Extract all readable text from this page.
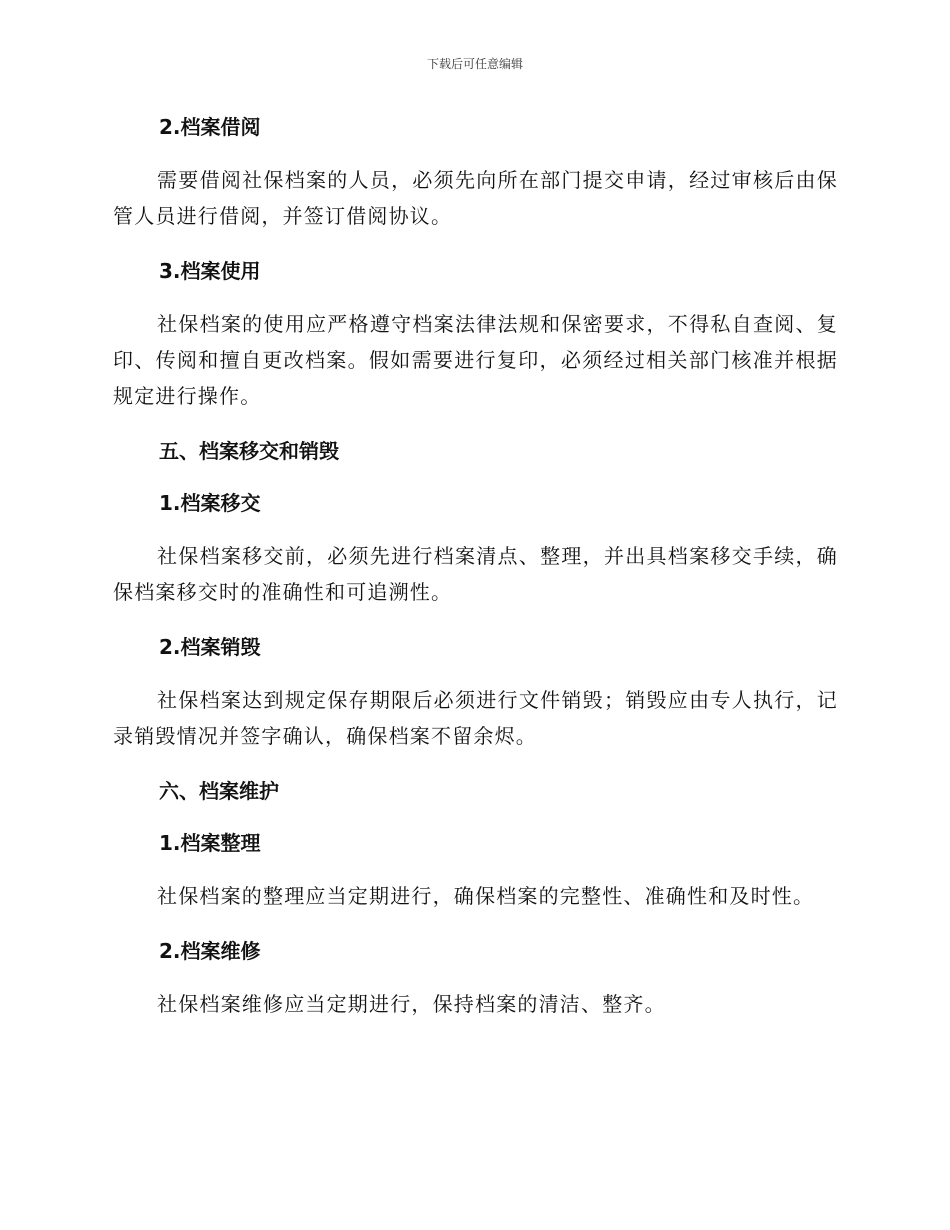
下载后可任意编辑
2.档案借阅

需要借阅社保档案的人员，必须先向所在部门提交申请，经过审核后由保管人员进行借阅，并签订借阅协议。

3.档案使用

社保档案的使用应严格遵守档案法律法规和保密要求，不得私自查阅、复印、传阅和擅自更改档案。假如需要进行复印，必须经过相关部门核准并根据规定进行操作。

五、档案移交和销毁
1.档案移交

社保档案移交前，必须先进行档案清点、整理，并出具档案移交手续，确保档案移交时的准确性和可追溯性。

2.档案销毁

社保档案达到规定保存期限后必须进行文件销毁；销毁应由专人执行，记录销毁情况并签字确认，确保档案不留余烬。

六、档案维护
1.档案整理

社保档案的整理应当定期进行，确保档案的完整性、准确性和及时性。

2.档案维修

社保档案维修应当定期进行，保持档案的清洁、整齐。
